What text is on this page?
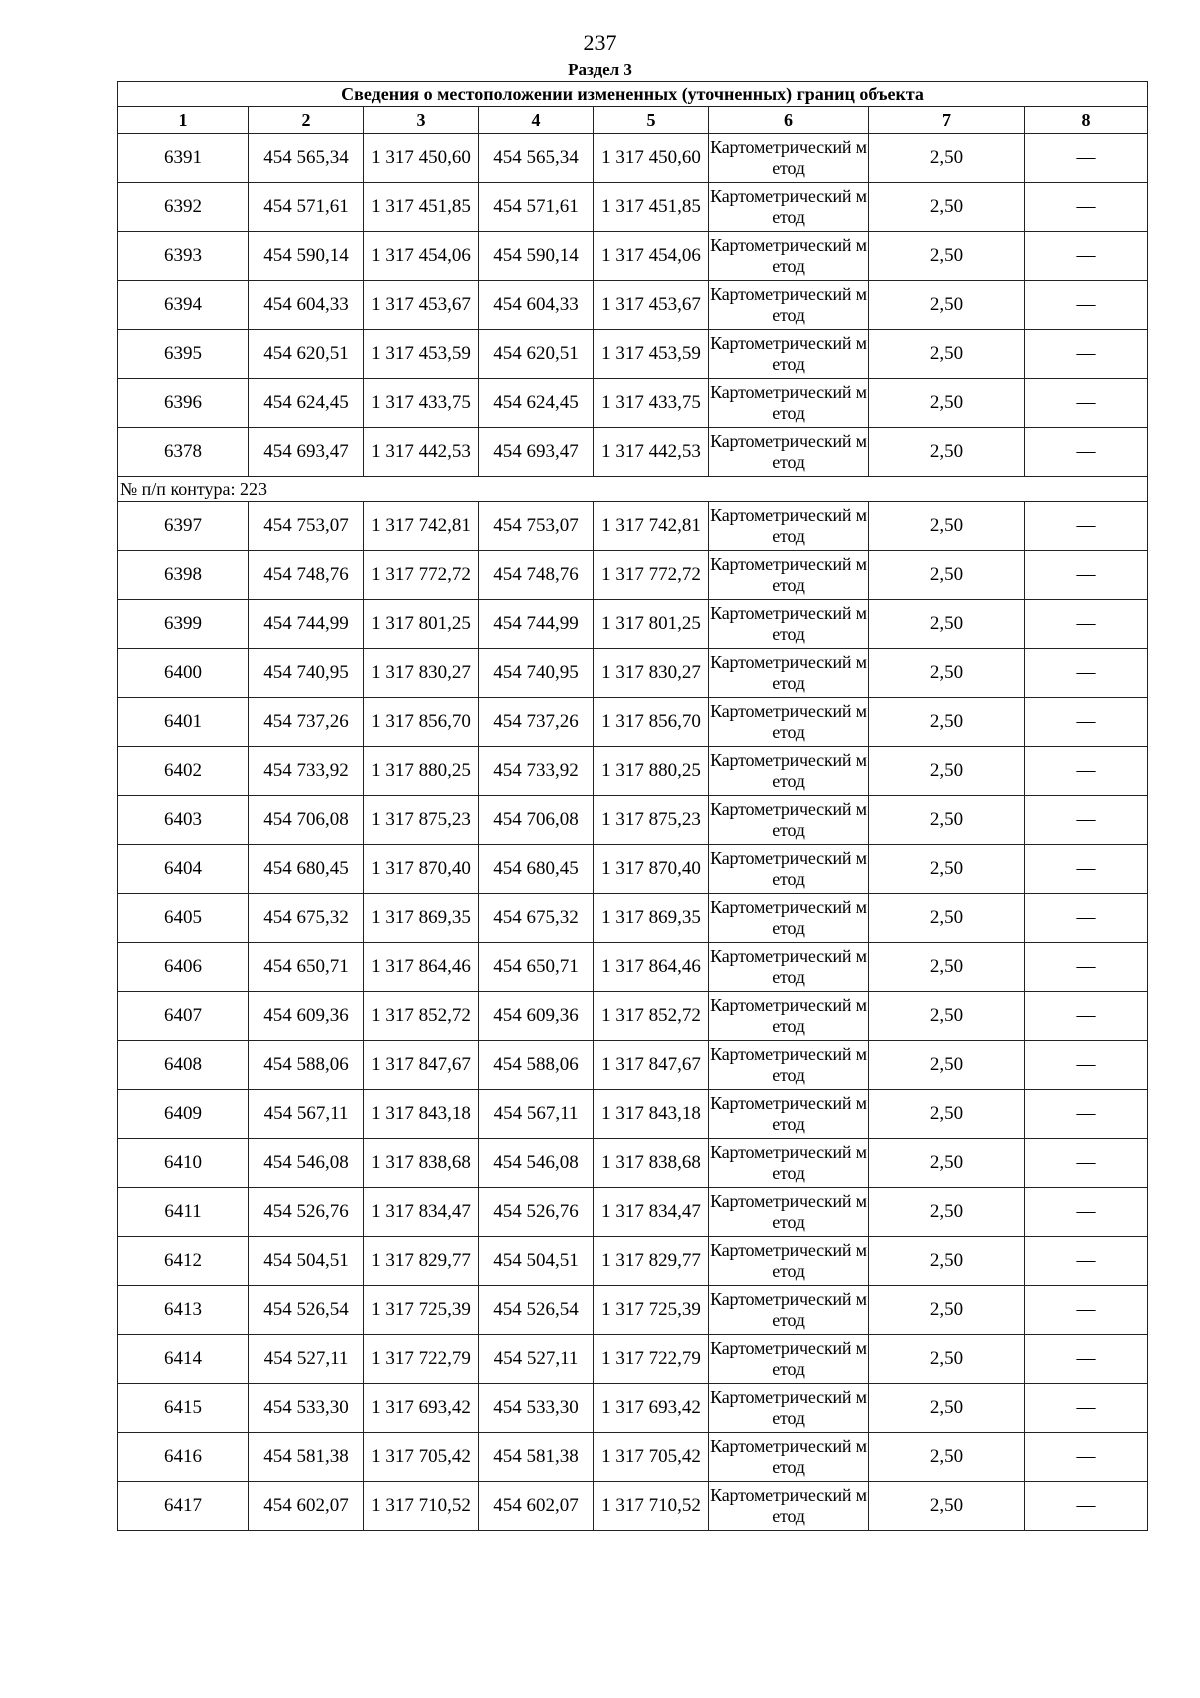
237
Раздел 3
Сведения о местоположении измененных (уточненных) границ объекта							
1	2	3	4	5	6	7	8
6391	454 565,34	1 317 450,60	454 565,34	1 317 450,60	Картометрический метод	2,50	—
6392	454 571,61	1 317 451,85	454 571,61	1 317 451,85	Картометрический метод	2,50	—
6393	454 590,14	1 317 454,06	454 590,14	1 317 454,06	Картометрический метод	2,50	—
6394	454 604,33	1 317 453,67	454 604,33	1 317 453,67	Картометрический метод	2,50	—
6395	454 620,51	1 317 453,59	454 620,51	1 317 453,59	Картометрический метод	2,50	—
6396	454 624,45	1 317 433,75	454 624,45	1 317 433,75	Картометрический метод	2,50	—
6378	454 693,47	1 317 442,53	454 693,47	1 317 442,53	Картометрический метод	2,50	—
№ п/п контура: 223							
6397	454 753,07	1 317 742,81	454 753,07	1 317 742,81	Картометрический метод	2,50	—
6398	454 748,76	1 317 772,72	454 748,76	1 317 772,72	Картометрический метод	2,50	—
6399	454 744,99	1 317 801,25	454 744,99	1 317 801,25	Картометрический метод	2,50	—
6400	454 740,95	1 317 830,27	454 740,95	1 317 830,27	Картометрический метод	2,50	—
6401	454 737,26	1 317 856,70	454 737,26	1 317 856,70	Картометрический метод	2,50	—
6402	454 733,92	1 317 880,25	454 733,92	1 317 880,25	Картометрический метод	2,50	—
6403	454 706,08	1 317 875,23	454 706,08	1 317 875,23	Картометрический метод	2,50	—
6404	454 680,45	1 317 870,40	454 680,45	1 317 870,40	Картометрический метод	2,50	—
6405	454 675,32	1 317 869,35	454 675,32	1 317 869,35	Картометрический метод	2,50	—
6406	454 650,71	1 317 864,46	454 650,71	1 317 864,46	Картометрический метод	2,50	—
6407	454 609,36	1 317 852,72	454 609,36	1 317 852,72	Картометрический метод	2,50	—
6408	454 588,06	1 317 847,67	454 588,06	1 317 847,67	Картометрический метод	2,50	—
6409	454 567,11	1 317 843,18	454 567,11	1 317 843,18	Картометрический метод	2,50	—
6410	454 546,08	1 317 838,68	454 546,08	1 317 838,68	Картометрический метод	2,50	—
6411	454 526,76	1 317 834,47	454 526,76	1 317 834,47	Картометрический метод	2,50	—
6412	454 504,51	1 317 829,77	454 504,51	1 317 829,77	Картометрический метод	2,50	—
6413	454 526,54	1 317 725,39	454 526,54	1 317 725,39	Картометрический метод	2,50	—
6414	454 527,11	1 317 722,79	454 527,11	1 317 722,79	Картометрический метод	2,50	—
6415	454 533,30	1 317 693,42	454 533,30	1 317 693,42	Картометрический метод	2,50	—
6416	454 581,38	1 317 705,42	454 581,38	1 317 705,42	Картометрический метод	2,50	—
6417	454 602,07	1 317 710,52	454 602,07	1 317 710,52	Картометрический метод	2,50	—
